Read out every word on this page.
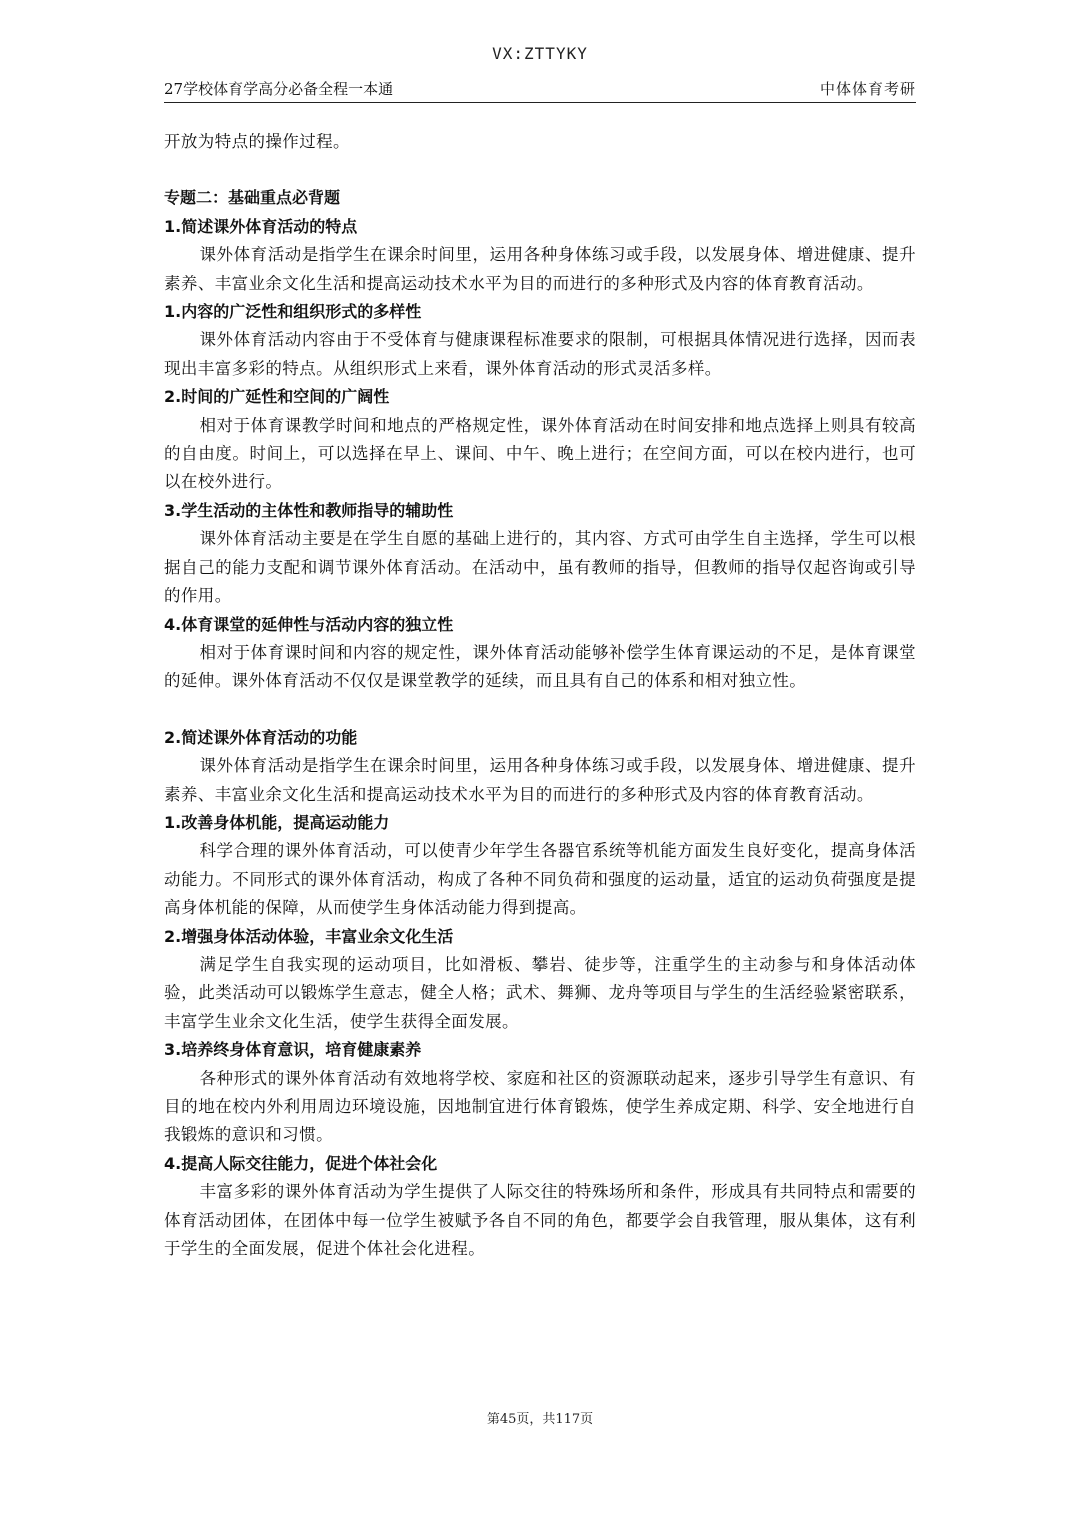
VX:ZTTYKY
27学校体育学高分必备全程一本通	中体体育考研

开放为特点的操作过程。

专题二：基础重点必背题

1.简述课外体育活动的特点

课外体育活动是指学生在课余时间里，运用各种身体练习或手段，以发展身体、增进健康、提升素养、丰富业余文化生活和提高运动技术水平为目的而进行的多种形式及内容的体育教育活动。

1.内容的广泛性和组织形式的多样性

课外体育活动内容由于不受体育与健康课程标准要求的限制，可根据具体情况进行选择，因而表现出丰富多彩的特点。从组织形式上来看，课外体育活动的形式灵活多样。

2.时间的广延性和空间的广阔性

相对于体育课教学时间和地点的严格规定性，课外体育活动在时间安排和地点选择上则具有较高的自由度。时间上，可以选择在早上、课间、中午、晚上进行；在空间方面，可以在校内进行，也可以在校外进行。

3.学生活动的主体性和教师指导的辅助性

课外体育活动主要是在学生自愿的基础上进行的，其内容、方式可由学生自主选择，学生可以根据自己的能力支配和调节课外体育活动。在活动中，虽有教师的指导，但教师的指导仅起咨询或引导的作用。

4.体育课堂的延伸性与活动内容的独立性

相对于体育课时间和内容的规定性，课外体育活动能够补偿学生体育课运动的不足，是体育课堂的延伸。课外体育活动不仅仅是课堂教学的延续，而且具有自己的体系和相对独立性。

2.简述课外体育活动的功能

课外体育活动是指学生在课余时间里，运用各种身体练习或手段，以发展身体、增进健康、提升素养、丰富业余文化生活和提高运动技术水平为目的而进行的多种形式及内容的体育教育活动。

1.改善身体机能，提高运动能力

科学合理的课外体育活动，可以使青少年学生各器官系统等机能方面发生良好变化，提高身体活动能力。不同形式的课外体育活动，构成了各种不同负荷和强度的运动量，适宜的运动负荷强度是提高身体机能的保障，从而使学生身体活动能力得到提高。

2.增强身体活动体验，丰富业余文化生活

满足学生自我实现的运动项目，比如滑板、攀岩、徒步等，注重学生的主动参与和身体活动体验，此类活动可以锻炼学生意志，健全人格；武术、舞狮、龙舟等项目与学生的生活经验紧密联系，丰富学生业余文化生活，使学生获得全面发展。

3.培养终身体育意识，培育健康素养

各种形式的课外体育活动有效地将学校、家庭和社区的资源联动起来，逐步引导学生有意识、有目的地在校内外利用周边环境设施，因地制宜进行体育锻炼，使学生养成定期、科学、安全地进行自我锻炼的意识和习惯。

4.提高人际交往能力，促进个体社会化

丰富多彩的课外体育活动为学生提供了人际交往的特殊场所和条件，形成具有共同特点和需要的体育活动团体，在团体中每一位学生被赋予各自不同的角色，都要学会自我管理，服从集体，这有利于学生的全面发展，促进个体社会化进程。

第45页，共117页
